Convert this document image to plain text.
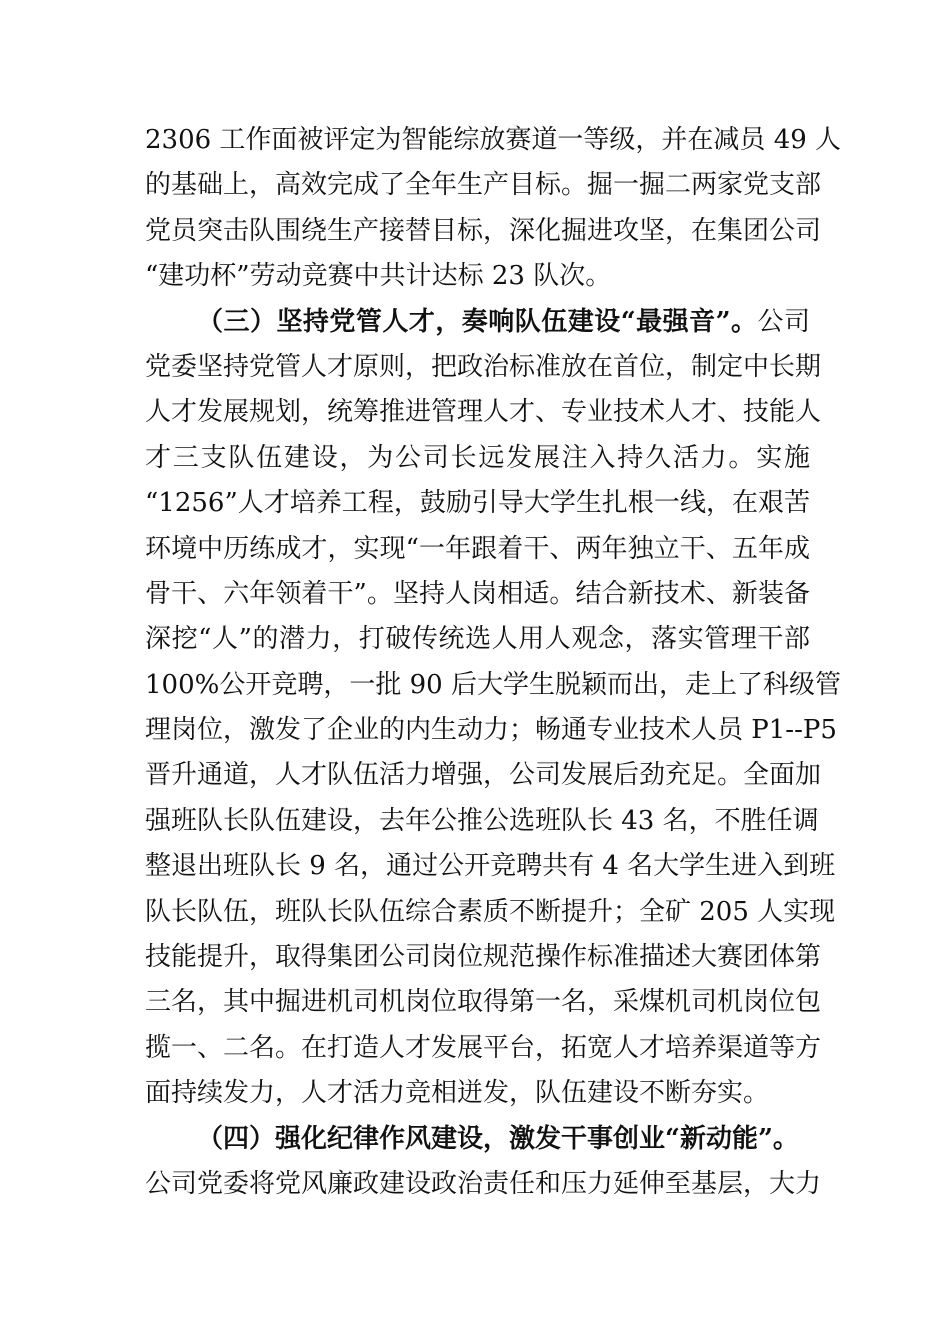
2306 工作面被评定为智能综放赛道一等级，并在减员 49 人
的基础上，高效完成了全年生产目标。掘一掘二两家党支部
党员突击队围绕生产接替目标，深化掘进攻坚，在集团公司
“建功杯”劳动竞赛中共计达标 23 队次。
（三）坚持党管人才，奏响队伍建设“最强音”。公司
党委坚持党管人才原则，把政治标准放在首位，制定中长期
人才发展规划，统筹推进管理人才、专业技术人才、技能人
才三支队伍建设，为公司长远发展注入持久活力。实施
“1256”人才培养工程，鼓励引导大学生扎根一线，在艰苦
环境中历练成才，实现“一年跟着干、两年独立干、五年成
骨干、六年领着干”。坚持人岗相适。结合新技术、新装备
深挖“人”的潜力，打破传统选人用人观念，落实管理干部
100%公开竞聘，一批 90 后大学生脱颖而出，走上了科级管
理岗位，激发了企业的内生动力；畅通专业技术人员 P1--P5
晋升通道，人才队伍活力增强，公司发展后劲充足。全面加
强班队长队伍建设，去年公推公选班队长 43 名，不胜任调
整退出班队长 9 名，通过公开竞聘共有 4 名大学生进入到班
队长队伍，班队长队伍综合素质不断提升；全矿 205 人实现
技能提升，取得集团公司岗位规范操作标准描述大赛团体第
三名，其中掘进机司机岗位取得第一名，采煤机司机岗位包
揽一、二名。在打造人才发展平台，拓宽人才培养渠道等方
面持续发力，人才活力竞相迸发，队伍建设不断夯实。
（四）强化纪律作风建设，激发干事创业“新动能”。
公司党委将党风廉政建设政治责任和压力延伸至基层，大力
